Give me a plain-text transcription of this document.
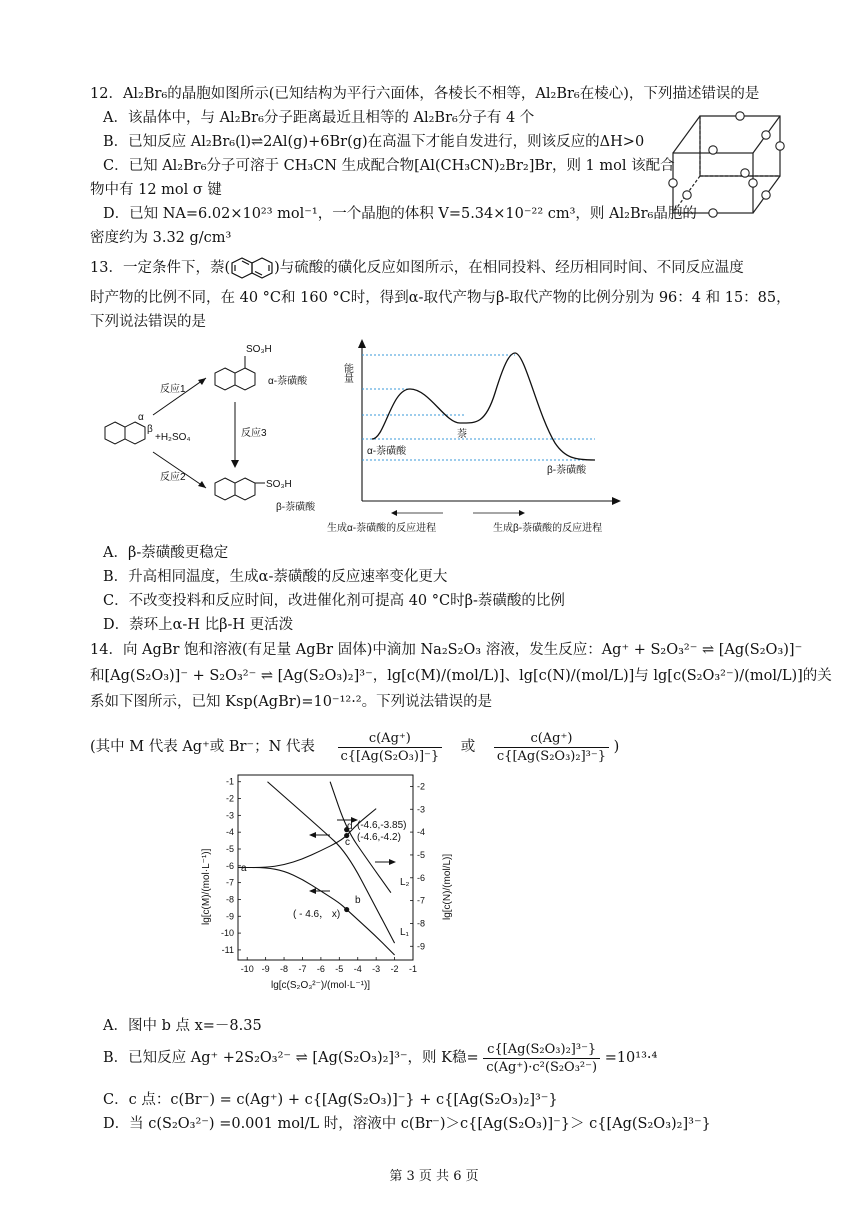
12．Al₂Br₆的晶胞如图所示(已知结构为平行六面体，各棱长不相等，Al₂Br₆在棱心)，下列描述错误的是
A．该晶体中，与 Al₂Br₆分子距离最近且相等的 Al₂Br₆分子有 4 个
B．已知反应 Al₂Br₆(l)⇌2Al(g)+6Br(g)在高温下才能自发进行，则该反应的ΔH>0
C．已知 Al₂Br₆分子可溶于 CH₃CN 生成配合物[Al(CH₃CN)₂Br₂]Br，则 1 mol 该配合
物中有 12 mol σ 键
D．已知 NA=6.02×10²³ mol⁻¹，一个晶胞的体积 V=5.34×10⁻²² cm³，则 Al₂Br₆晶胞的
密度约为 3.32 g/cm³
13．一定条件下，萘(	)与硫酸的磺化反应如图所示，在相同投料、经历相同时间、不同反应温度
时产物的比例不同，在 40 °C和 160 °C时，得到α-取代产物与β-取代产物的比例分别为 96：4 和 15：85，
下列说法错误的是
SO₃H
α-萘磺酸
反应1
反应3
反应2
α
β
+H₂SO₄
SO₃H
β-萘磺酸
能量
萘
α-萘磺酸
β-萘磺酸
生成α-萘磺酸的反应进程	生成β-萘磺酸的反应进程
A．β-萘磺酸更稳定
B．升高相同温度，生成α-萘磺酸的反应速率变化更大
C．不改变投料和反应时间，改进催化剂可提高 40 °C时β-萘磺酸的比例
D．萘环上α-H 比β-H 更活泼
14．向 AgBr 饱和溶液(有足量 AgBr 固体)中滴加 Na₂S₂O₃ 溶液，发生反应：Ag⁺ + S₂O₃²⁻ ⇌ [Ag(S₂O₃)]⁻
和[Ag(S₂O₃)]⁻ + S₂O₃²⁻ ⇌ [Ag(S₂O₃)₂]³⁻，lg[c(M)/(mol/L)]、lg[c(N)/(mol/L)]与 lg[c(S₂O₃²⁻)/(mol/L)]的关
系如下图所示，已知 Ksp(AgBr)=10⁻¹²·²。下列说法错误的是
(其中 M 代表 Ag⁺或 Br⁻；N 代表 $\frac{c(Ag^+)}{\text{c\{[Ag(S₂O₃)]⁻\}}}$ 或 $\frac{c(Ag^+)}{\text{c\{[Ag(S₂O₃)₂]³⁻\}}}$ )
-10 -9 -8 -7 -6 -5 -4 -3 -2 -1
-1
-2
-3
-4
-5
-6
-7
-8
-9
-10
-11
-2
-3
-4
-5
-6
-7
-8
-9
a
b
c
d (-4.6,-3.85)
(-4.6,-4.2)
( - 4.6， x)
L₂
L₁
lg[c(S₂O₃²⁻)/(mol·L⁻¹)]
lg[c(M)/(mol·L⁻¹)]	lg[c(N)/(mol/L)]
A．图中 b 点 x=－8.35
B．已知反应 Ag⁺ +2S₂O₃²⁻ ⇌ [Ag(S₂O₃)₂]³⁻，则 K稳= $\frac{\text{c\{[Ag(S₂O₃)₂]³⁻\}}}{\text{c(Ag⁺)·c²(S₂O₃²⁻)}} =10^{13}\cdot^4$
C．c 点：c(Br⁻) = c(Ag⁺) + c{[Ag(S₂O₃)]⁻} + c{[Ag(S₂O₃)₂]³⁻}
D．当 c(S₂O₃²⁻) =0.001 mol/L 时，溶液中 c(Br⁻)＞c{[Ag(S₂O₃)]⁻}＞ c{[Ag(S₂O₃)₂]³⁻}
第 3 页 共 6 页
